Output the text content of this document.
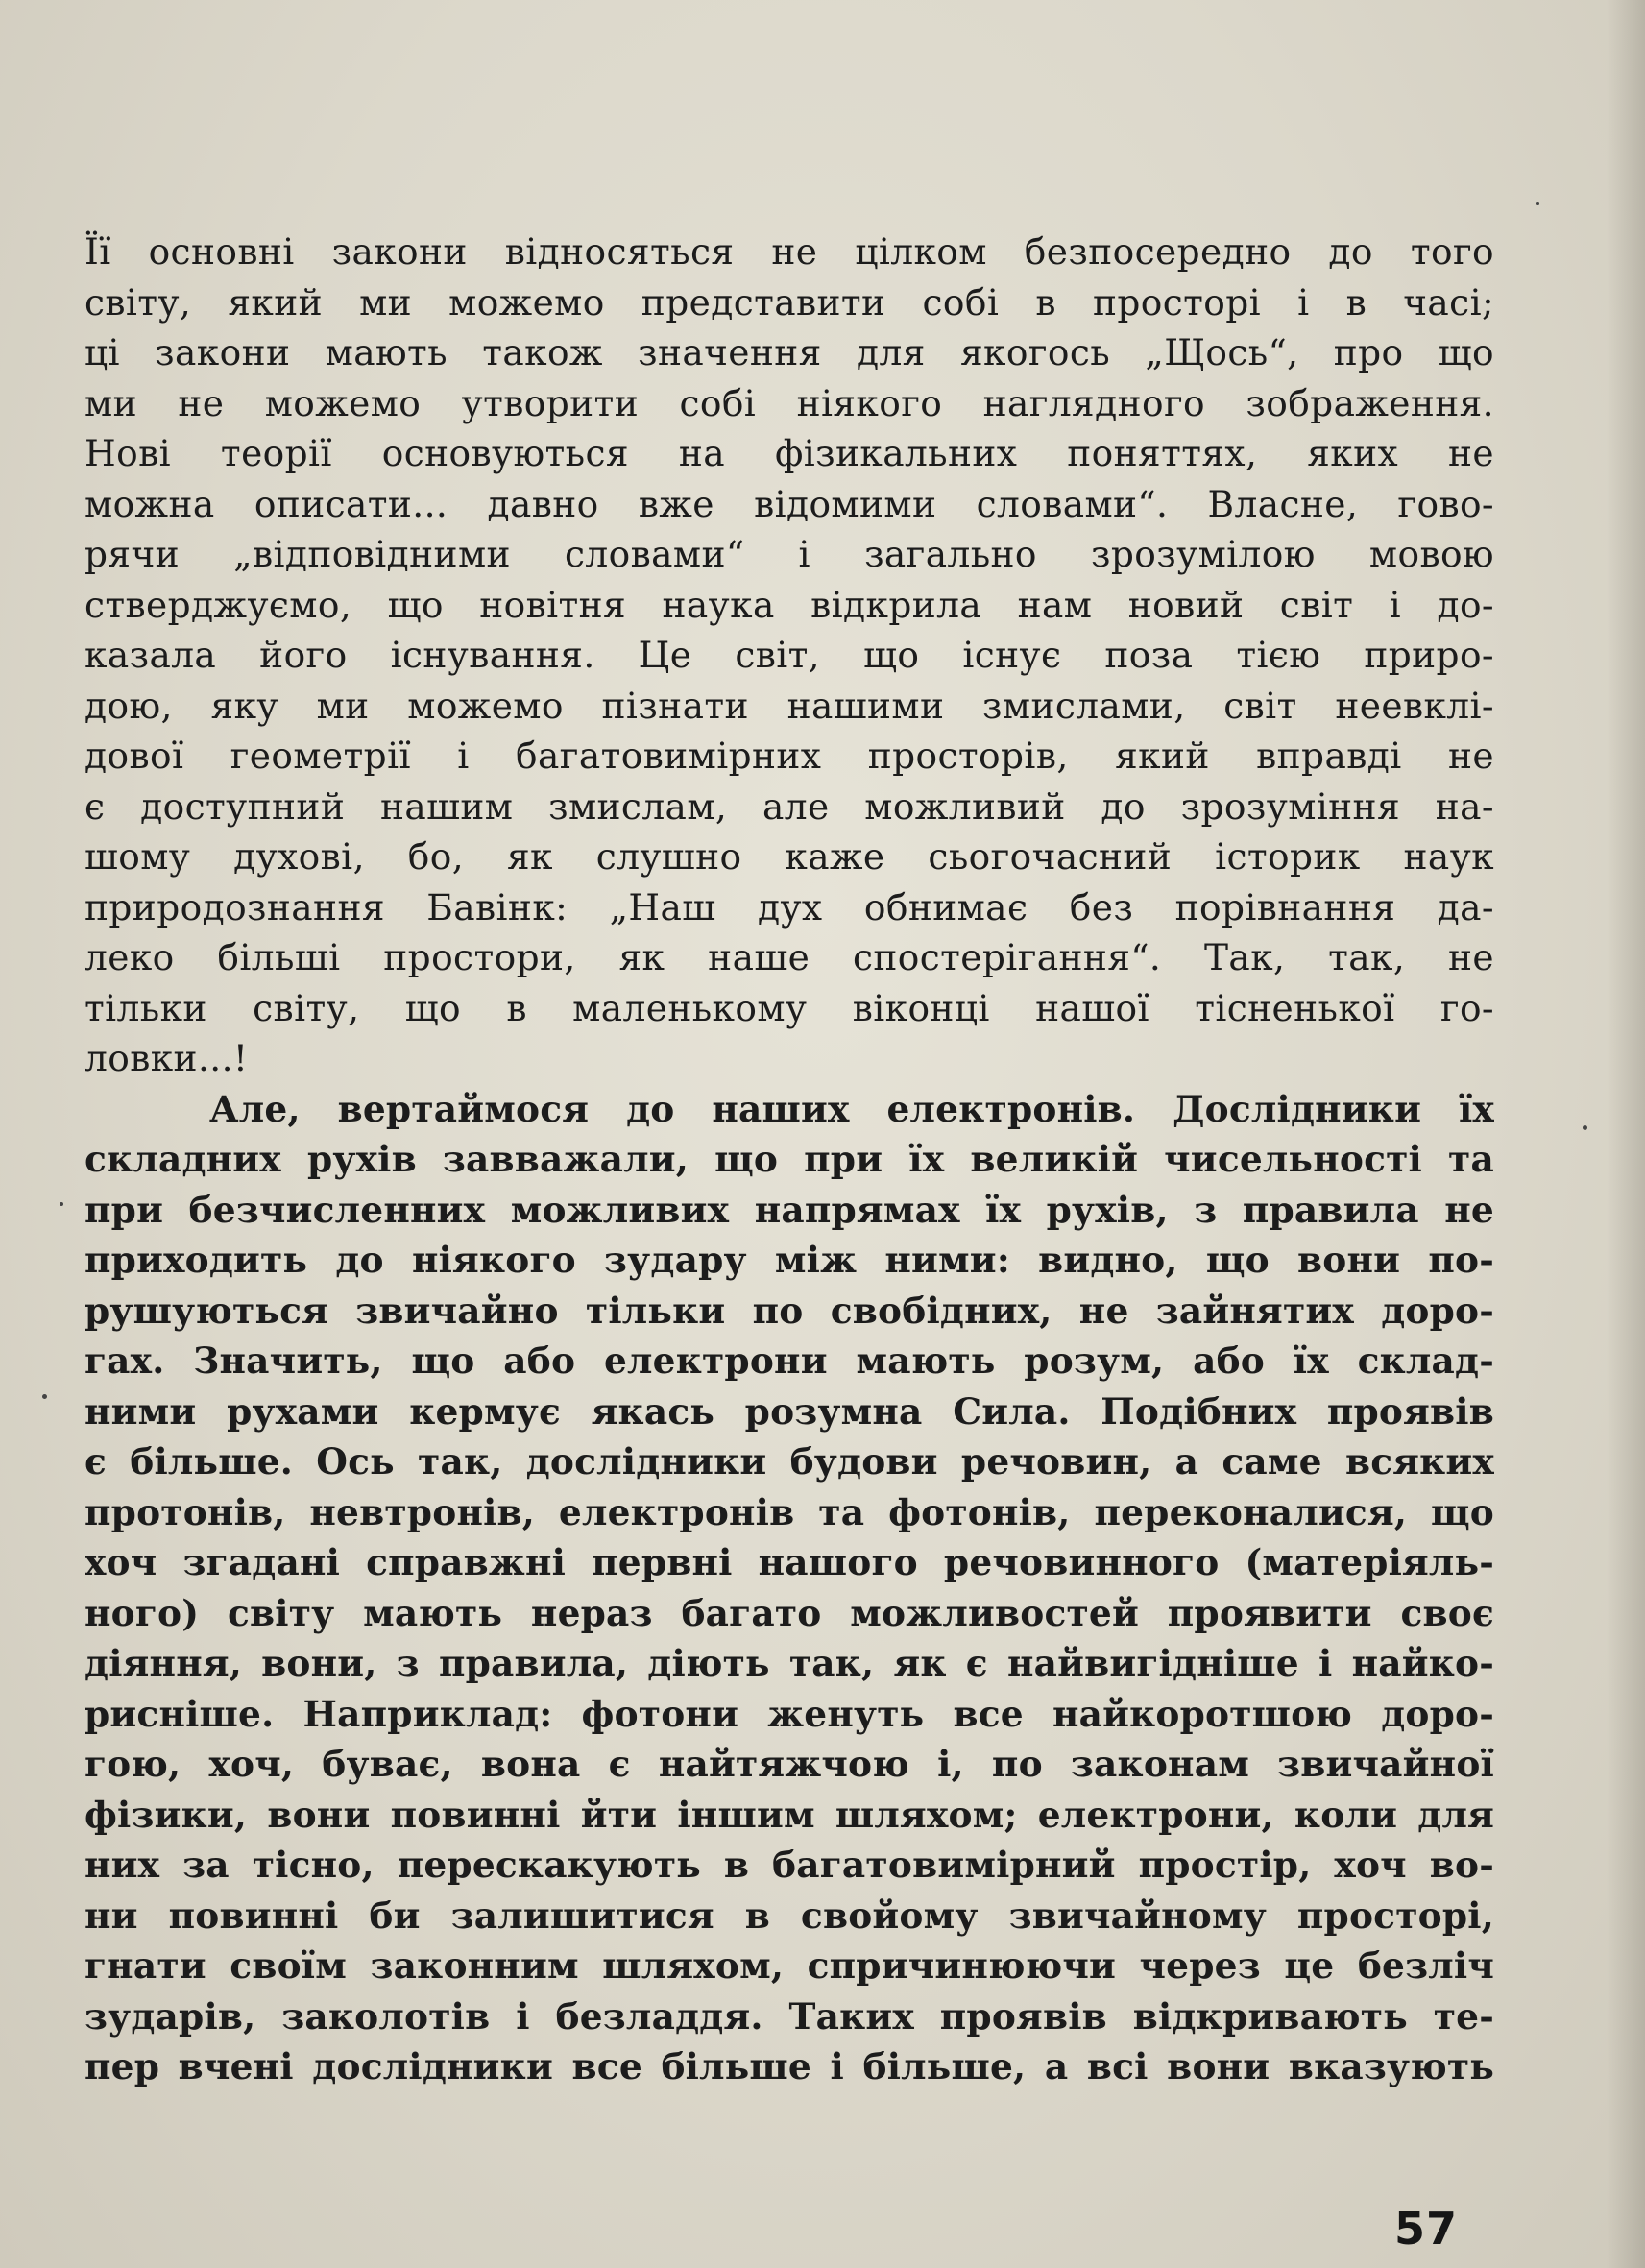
Її основні закони відносяться не цілком безпосередно до того
світу, який ми можемо представити собі в просторі і в часі;
ці закони мають також значення для якогось „Щось“, про що
ми не можемо утворити собі ніякого наглядного зображення.
Нові теорії основуються на фізикальних поняттях, яких не
можна описати... давно вже відомими словами“. Власне, гово-
рячи „відповідними словами“ і загально зрозумілою мовою
стверджуємо, що новітня наука відкрила нам новий світ і до-
казала його існування. Це світ, що існує поза тією приро-
дою, яку ми можемо пізнати нашими змислами, світ неевклі-
дової геометрії і багатовимірних просторів, який вправді не
є доступний нашим змислам, але можливий до зрозуміння на-
шому духові, бо, як слушно каже сьогочасний історик наук
природознання Бавінк: „Наш дух обнимає без порівнання да-
леко більші простори, як наше спостерігання“. Так, так, не
тільки світу, що в маленькому віконці нашої тісненької го-
ловки...!

Але, вертаймося до наших електронів. Дослідники їх
складних рухів завважали, що при їх великій чисельності та
при безчисленних можливих напрямах їх рухів, з правила не
приходить до ніякого зудару між ними: видно, що вони по-
рушуються звичайно тільки по свобідних, не зайнятих доро-
гах. Значить, що або електрони мають розум, або їх склад-
ними рухами кермує якась розумна Сила. Подібних проявів
є більше. Ось так, дослідники будови речовин, а саме всяких
протонів, невтронів, електронів та фотонів, переконалися, що
хоч згадані справжні первні нашого речовинного (матеріяль-
ного) світу мають нераз багато можливостей проявити своє
діяння, вони, з правила, діють так, як є найвигідніше і найко-
рисніше. Наприклад: фотони женуть все найкоротшою доро-
гою, хоч, буває, вона є найтяжчою і, по законам звичайної
фізики, вони повинні йти іншим шляхом; електрони, коли для
них за тісно, перескакують в багатовимірний простір, хоч во-
ни повинні би залишитися в свойому звичайному просторі,
гнати своїм законним шляхом, спричинюючи через це безліч
зударів, заколотів і безладдя. Таких проявів відкривають те-
пер вчені дослідники все більше і більше, а всі вони вказують

57
